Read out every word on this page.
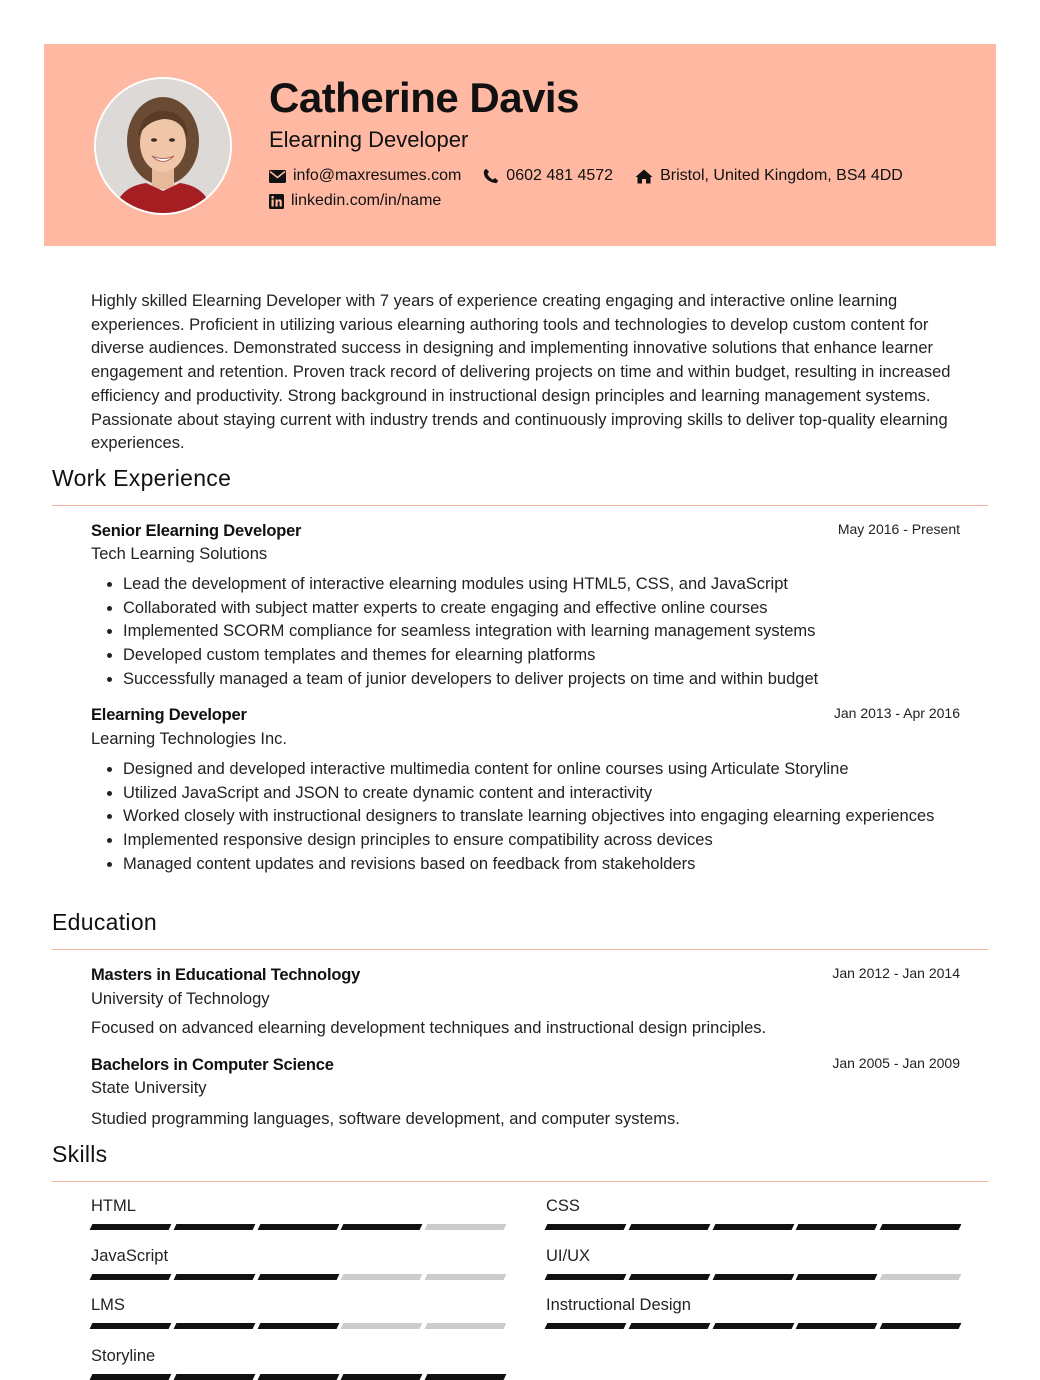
Catherine Davis
Elearning Developer
info@maxresumes.com	0602 481 4572	Bristol, United Kingdom, BS4 4DD
linkedin.com/in/name
Highly skilled Elearning Developer with 7 years of experience creating engaging and interactive online learning experiences. Proficient in utilizing various elearning authoring tools and technologies to develop custom content for diverse audiences. Demonstrated success in designing and implementing innovative solutions that enhance learner engagement and retention. Proven track record of delivering projects on time and within budget, resulting in increased efficiency and productivity. Strong background in instructional design principles and learning management systems. Passionate about staying current with industry trends and continuously improving skills to deliver top-quality elearning experiences.
Work Experience
Senior Elearning Developer	May 2016 - Present
Tech Learning Solutions
• Lead the development of interactive elearning modules using HTML5, CSS, and JavaScript
• Collaborated with subject matter experts to create engaging and effective online courses
• Implemented SCORM compliance for seamless integration with learning management systems
• Developed custom templates and themes for elearning platforms
• Successfully managed a team of junior developers to deliver projects on time and within budget
Elearning Developer	Jan 2013 - Apr 2016
Learning Technologies Inc.
• Designed and developed interactive multimedia content for online courses using Articulate Storyline
• Utilized JavaScript and JSON to create dynamic content and interactivity
• Worked closely with instructional designers to translate learning objectives into engaging elearning experiences
• Implemented responsive design principles to ensure compatibility across devices
• Managed content updates and revisions based on feedback from stakeholders
Education
Masters in Educational Technology	Jan 2012 - Jan 2014
University of Technology
Focused on advanced elearning development techniques and instructional design principles.
Bachelors in Computer Science	Jan 2005 - Jan 2009
State University
Studied programming languages, software development, and computer systems.
Skills
HTML	CSS
JavaScript	UI/UX
LMS	Instructional Design
Storyline
